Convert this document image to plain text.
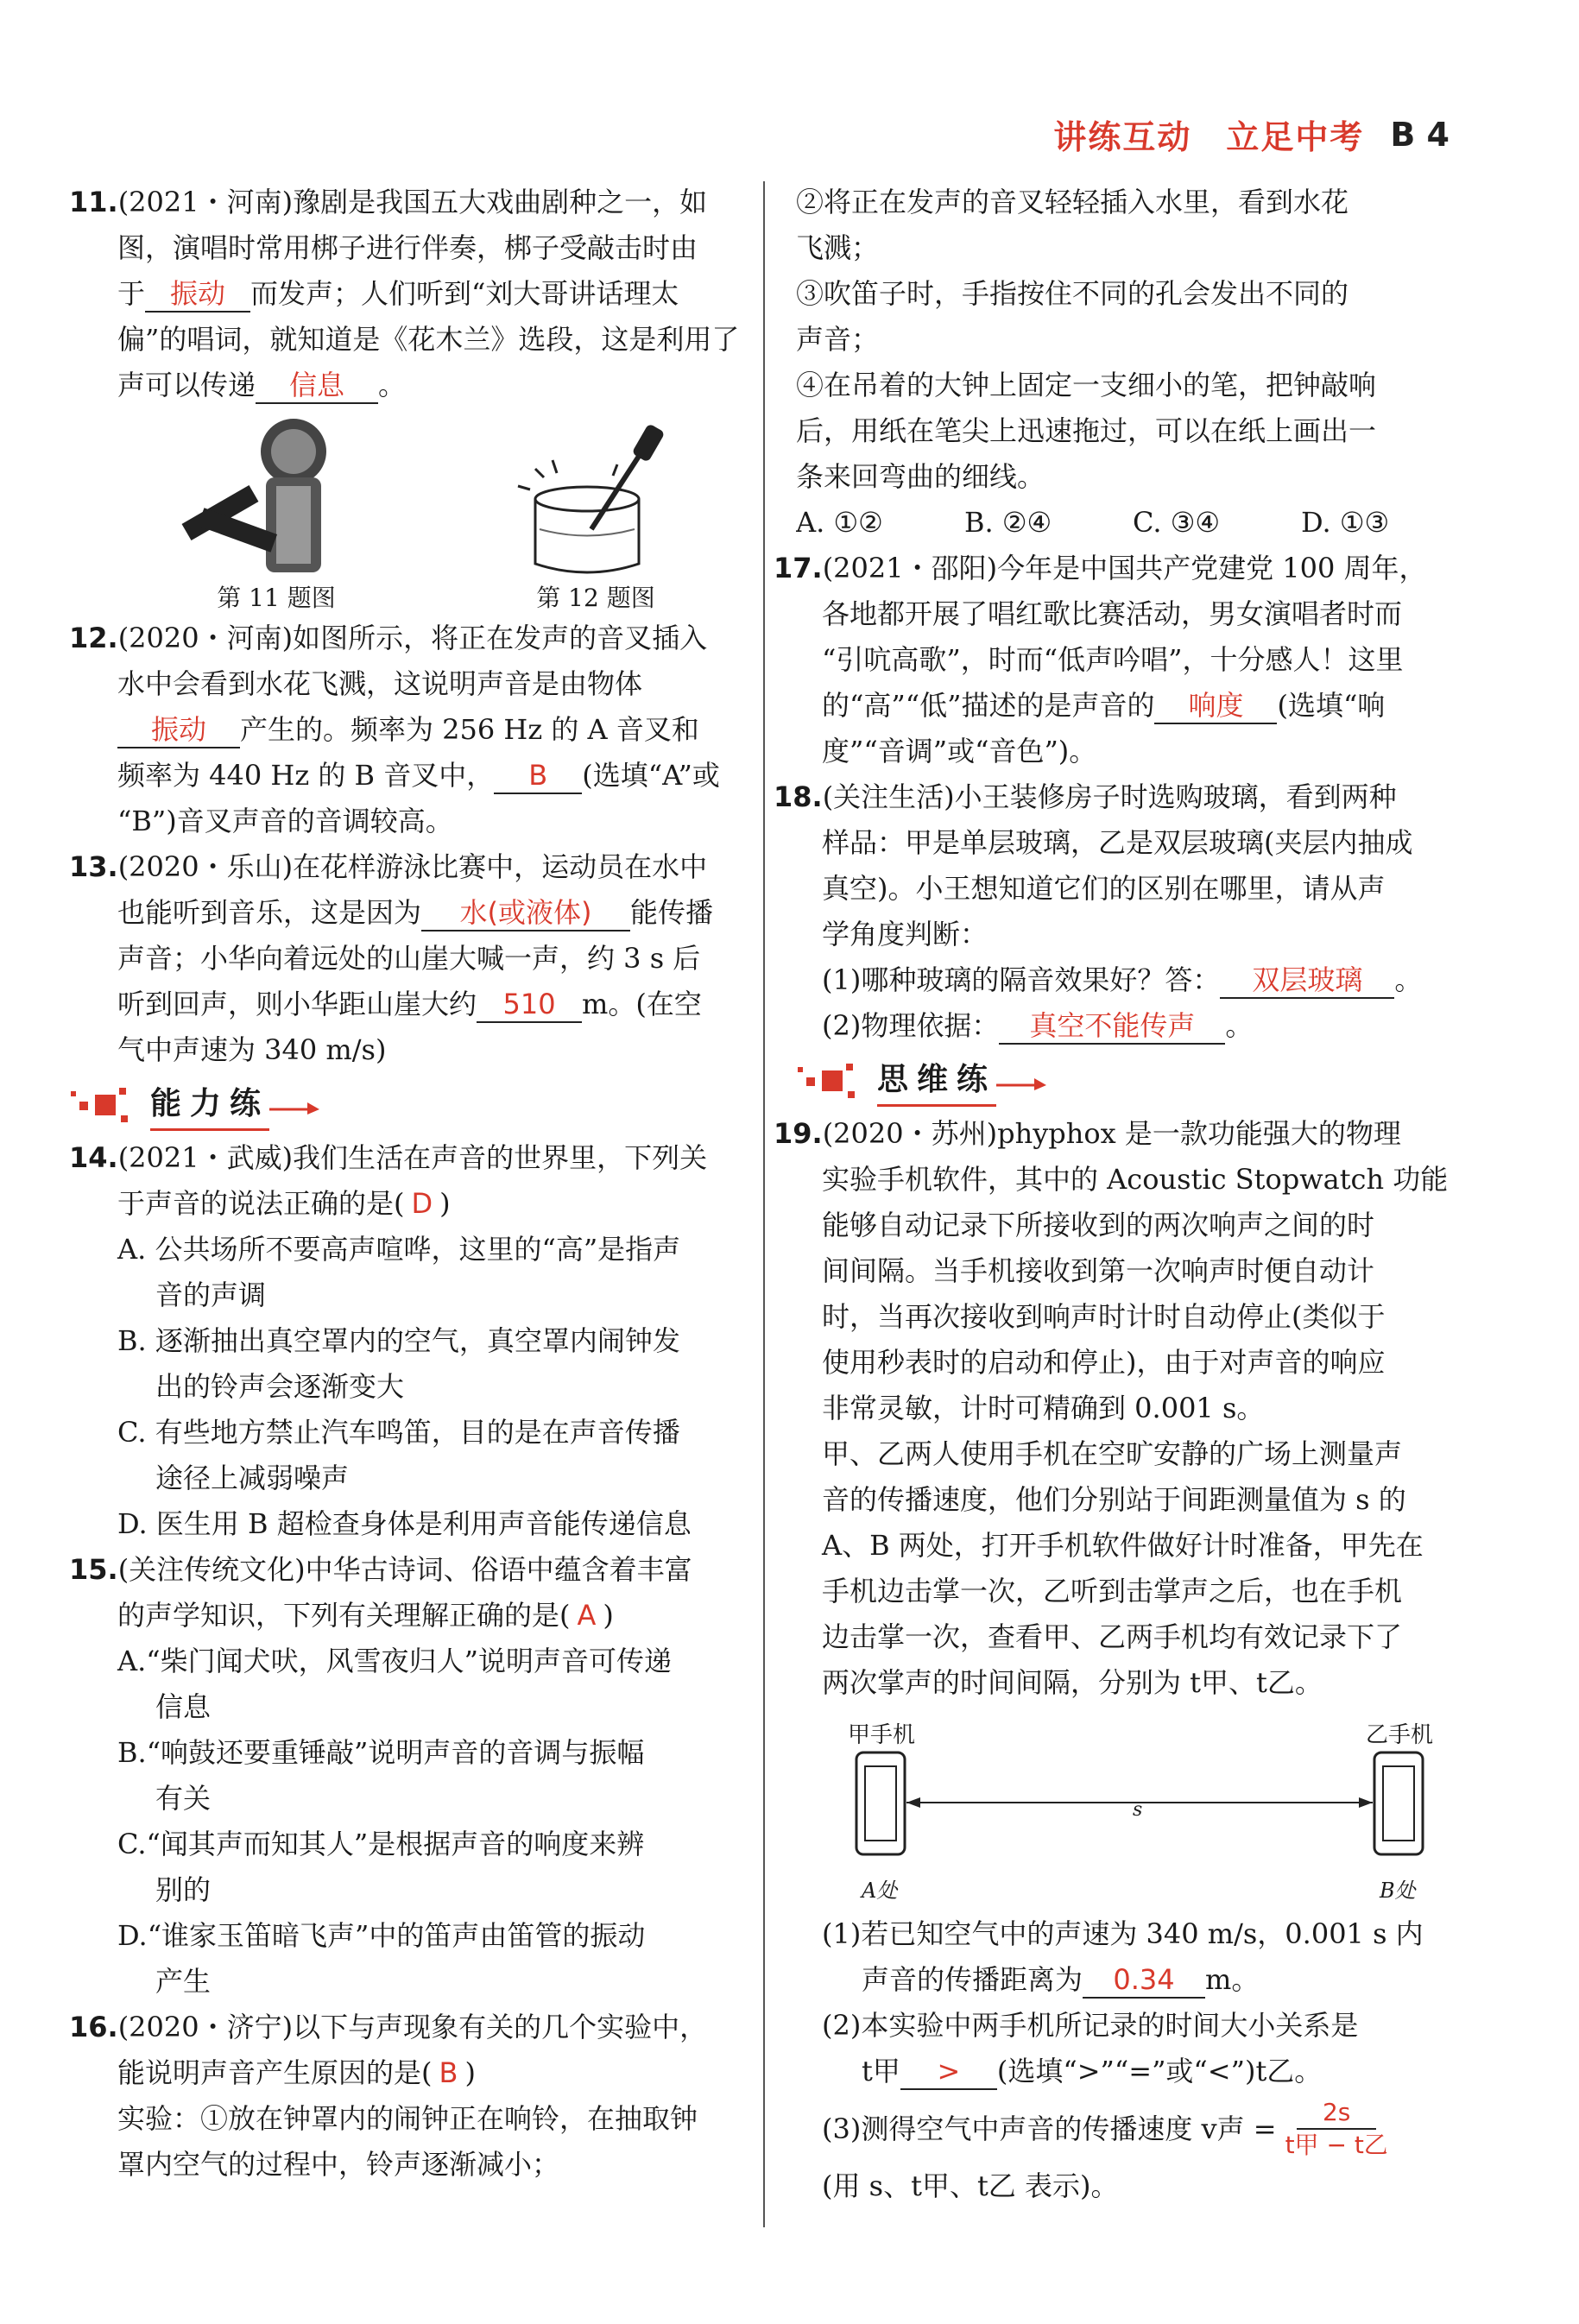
讲练互动　立足中考 B 4
11.(2021・河南)豫剧是我国五大戏曲剧种之一，如
图，演唱时常用梆子进行伴奏，梆子受敲击时由
于 振动 而发声；人们听到“刘大哥讲话理太
偏”的唱词，就知道是《花木兰》选段，这是利用了
声可以传递 信息 。
第 11 题图	第 12 题图
12.(2020・河南)如图所示，将正在发声的音叉插入
水中会看到水花飞溅，这说明声音是由物体
振动 产生的。频率为 256 Hz 的 A 音叉和
频率为 440 Hz 的 B 音叉中， B (选填“A”或
“B”)音叉声音的音调较高。
13.(2020・乐山)在花样游泳比赛中，运动员在水中
也能听到音乐，这是因为 水(或液体) 能传播
声音；小华向着远处的山崖大喊一声，约 3 s 后
听到回声，则小华距山崖大约 510 m。(在空
气中声速为 340 m/s)
能力练
14.(2021・武威)我们生活在声音的世界里，下列关
于声音的说法正确的是( D )
A. 公共场所不要高声喧哗，这里的“高”是指声
音的声调
B. 逐渐抽出真空罩内的空气，真空罩内闹钟发
出的铃声会逐渐变大
C. 有些地方禁止汽车鸣笛，目的是在声音传播
途径上减弱噪声
D. 医生用 B 超检查身体是利用声音能传递信息
15.(关注传统文化)中华古诗词、俗语中蕴含着丰富
的声学知识，下列有关理解正确的是( A )
A.“柴门闻犬吠，风雪夜归人”说明声音可传递
信息
B.“响鼓还要重锤敲”说明声音的音调与振幅
有关
C.“闻其声而知其人”是根据声音的响度来辨
别的
D.“谁家玉笛暗飞声”中的笛声由笛管的振动
产生
16.(2020・济宁)以下与声现象有关的几个实验中，
能说明声音产生原因的是( B )
实验：①放在钟罩内的闹钟正在响铃，在抽取钟
罩内空气的过程中，铃声逐渐减小；
②将正在发声的音叉轻轻插入水里，看到水花
飞溅；
③吹笛子时，手指按住不同的孔会发出不同的
声音；
④在吊着的大钟上固定一支细小的笔，把钟敲响
后，用纸在笔尖上迅速拖过，可以在纸上画出一
条来回弯曲的细线。
A. ①②	B. ②④	C. ③④	D. ①③
17.(2021・邵阳)今年是中国共产党建党 100 周年，
各地都开展了唱红歌比赛活动，男女演唱者时而
“引吭高歌”，时而“低声吟唱”，十分感人！这里
的“高”“低”描述的是声音的 响度 (选填“响
度”“音调”或“音色”)。
18.(关注生活)小王装修房子时选购玻璃，看到两种
样品：甲是单层玻璃，乙是双层玻璃(夹层内抽成
真空)。小王想知道它们的区别在哪里，请从声
学角度判断：
(1)哪种玻璃的隔音效果好？答： 双层玻璃 。
(2)物理依据： 真空不能传声 。
思维练
19.(2020・苏州)phyphox 是一款功能强大的物理
实验手机软件，其中的 Acoustic Stopwatch 功能
能够自动记录下所接收到的两次响声之间的时
间间隔。当手机接收到第一次响声时便自动计
时，当再次接收到响声时计时自动停止(类似于
使用秒表时的启动和停止)，由于对声音的响应
非常灵敏，计时可精确到 0.001 s。
甲、乙两人使用手机在空旷安静的广场上测量声
音的传播速度，他们分别站于间距测量值为 s 的
A、B 两处，打开手机软件做好计时准备，甲先在
手机边击掌一次，乙听到击掌声之后，也在手机
边击掌一次，查看甲、乙两手机均有效记录下了
两次掌声的时间间隔，分别为 t甲、t乙。
甲手机	乙手机
s
A处	B处
(1)若已知空气中的声速为 340 m/s，0.001 s 内
声音的传播距离为 0.34 m。
(2)本实验中两手机所记录的时间大小关系是
t甲 > (选填“>”“=”或“<”)t乙。
(3)测得空气中声音的传播速度 v声 = $\frac{2s}{\text{t甲 − t乙}}$
(用 s、t甲、t乙 表示)。
